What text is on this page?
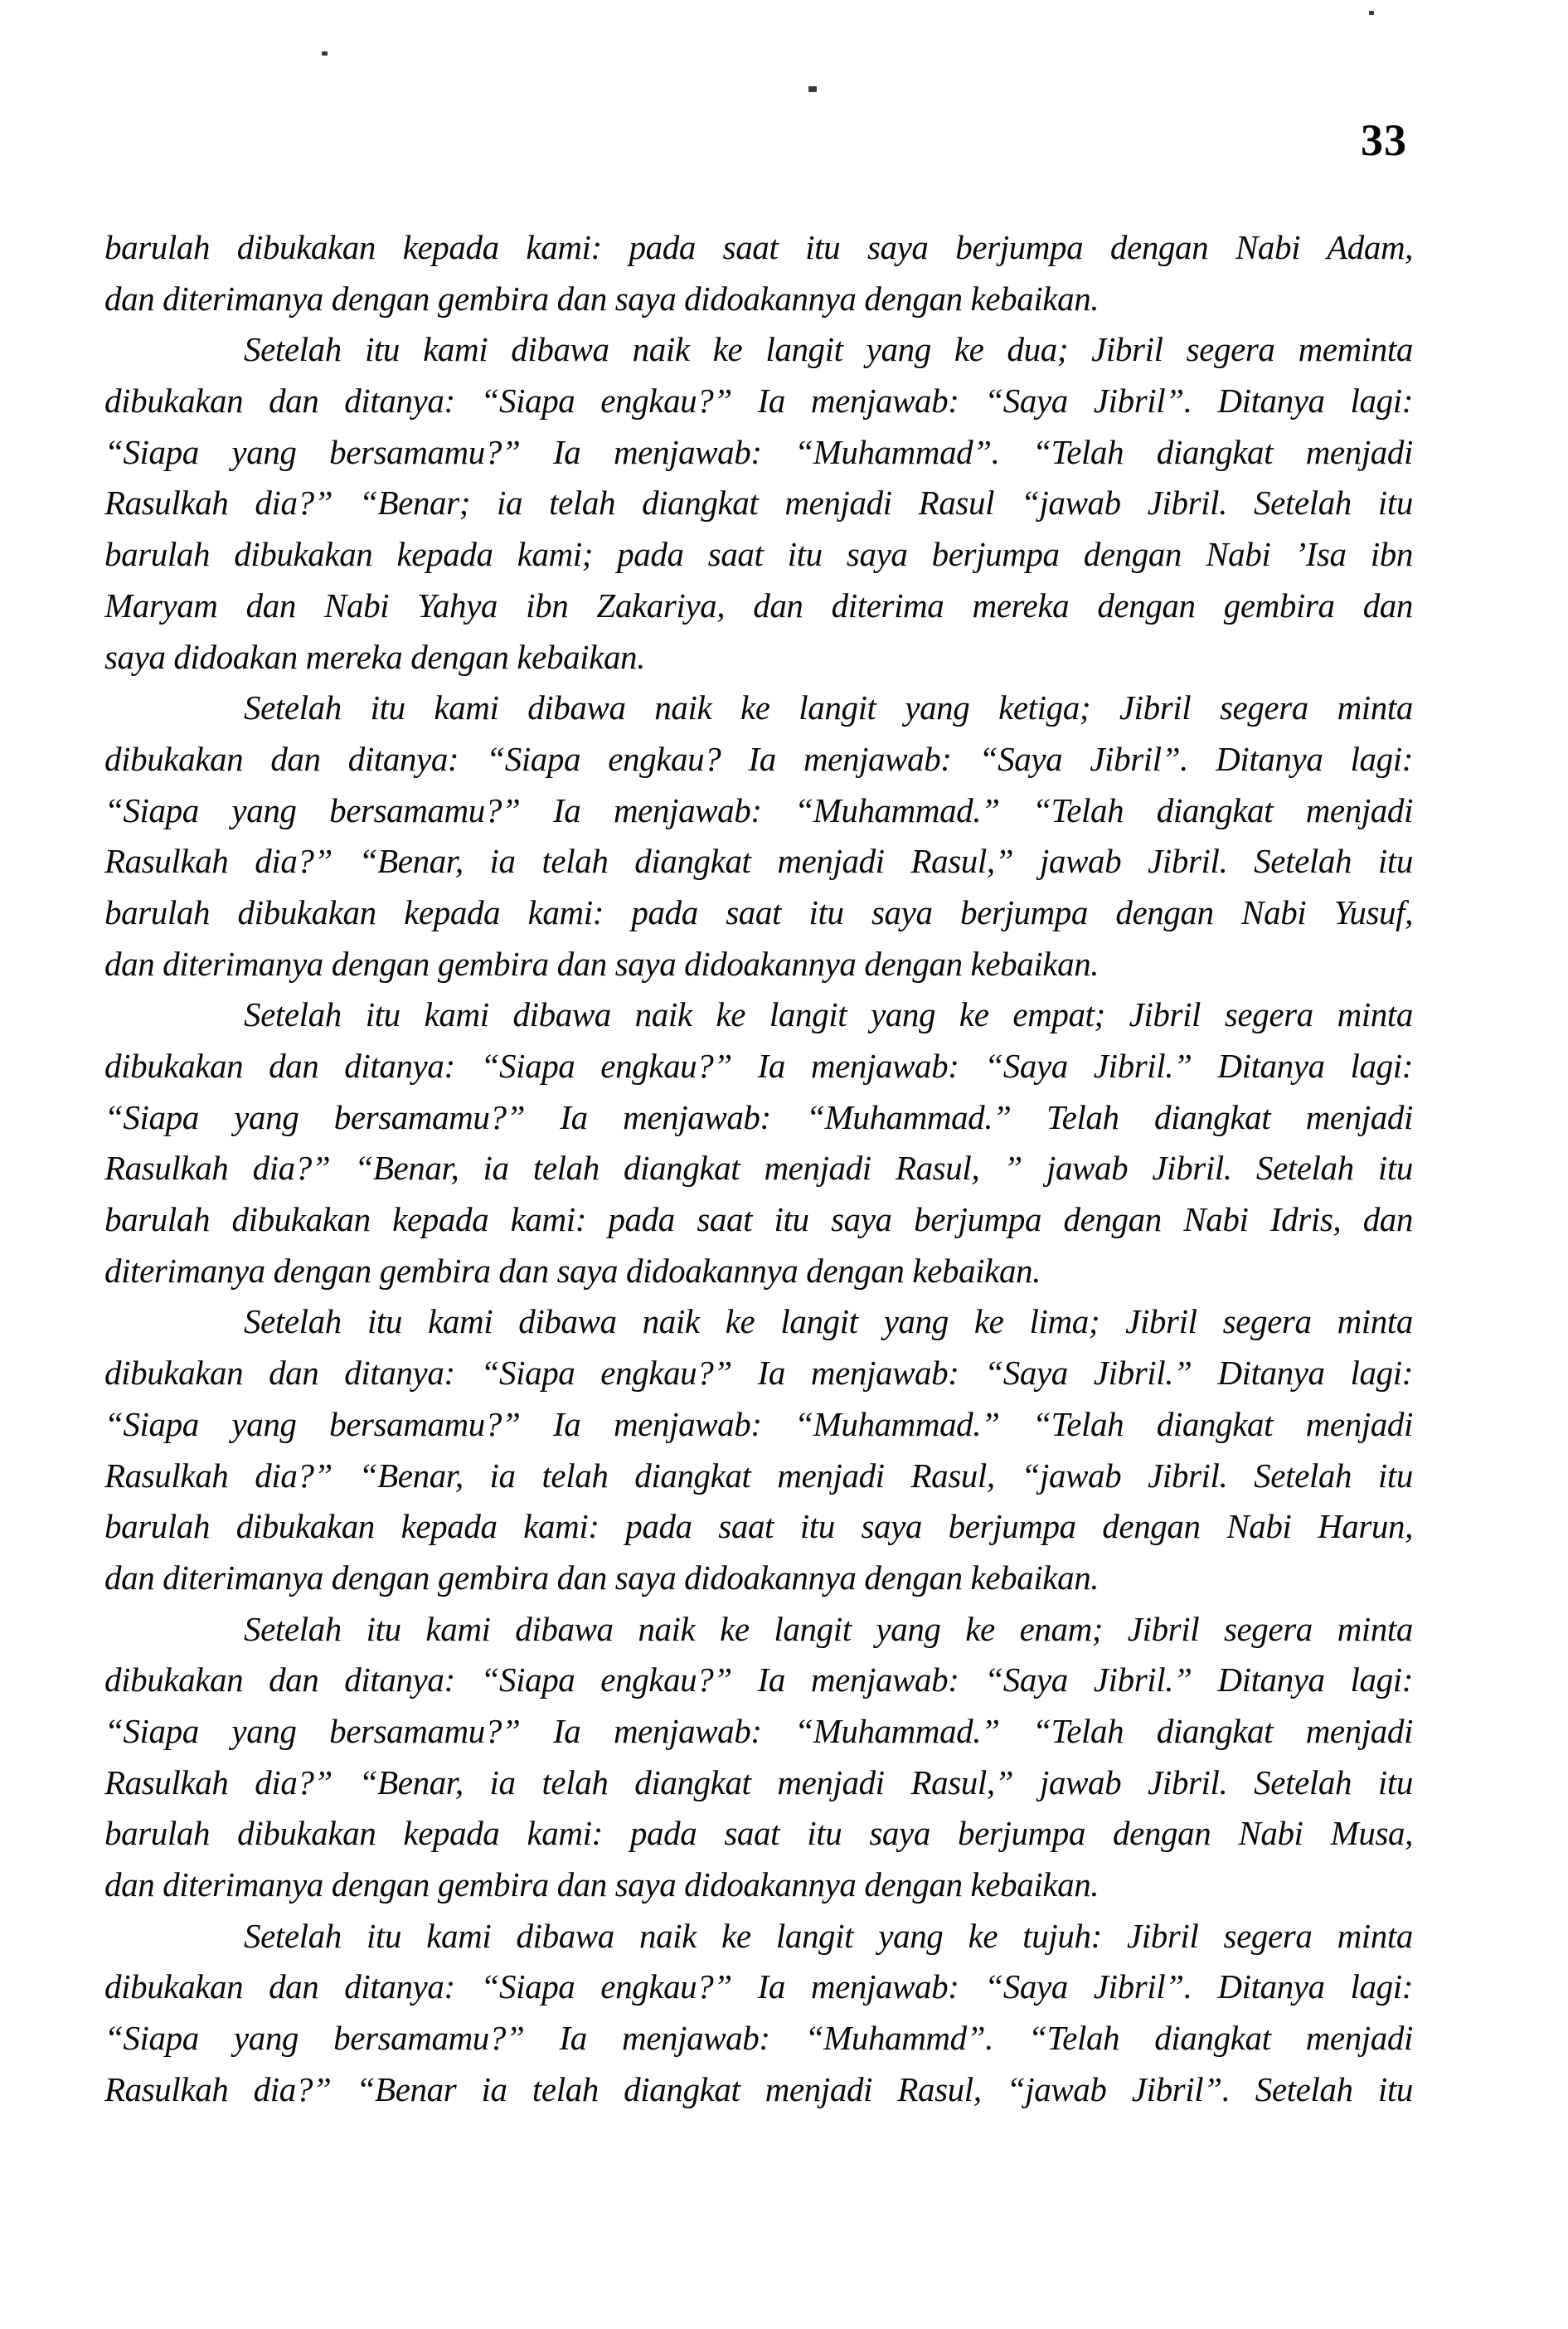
33
barulah dibukakan kepada kami: pada saat itu saya berjumpa dengan Nabi Adam,
dan diterimanya dengan gembira dan saya didoakannya dengan kebaikan.
Setelah itu kami dibawa naik ke langit yang ke dua; Jibril segera meminta
dibukakan dan ditanya: “Siapa engkau?” Ia menjawab: “Saya Jibril”. Ditanya lagi:
“Siapa yang bersamamu?” Ia menjawab: “Muhammad”. “Telah diangkat menjadi
Rasulkah dia?” “Benar; ia telah diangkat menjadi Rasul “jawab Jibril. Setelah itu
barulah dibukakan kepada kami; pada saat itu saya berjumpa dengan Nabi ’Isa ibn
Maryam dan Nabi Yahya ibn Zakariya, dan diterima mereka dengan gembira dan
saya didoakan mereka dengan kebaikan.
Setelah itu kami dibawa naik ke langit yang ketiga; Jibril segera minta
dibukakan dan ditanya: “Siapa engkau? Ia menjawab: “Saya Jibril”. Ditanya lagi:
“Siapa yang bersamamu?” Ia menjawab: “Muhammad.” “Telah diangkat menjadi
Rasulkah dia?” “Benar, ia telah diangkat menjadi Rasul,” jawab Jibril. Setelah itu
barulah dibukakan kepada kami: pada saat itu saya berjumpa dengan Nabi Yusuf,
dan diterimanya dengan gembira dan saya didoakannya dengan kebaikan.
Setelah itu kami dibawa naik ke langit yang ke empat; Jibril segera minta
dibukakan dan ditanya: “Siapa engkau?” Ia menjawab: “Saya Jibril.” Ditanya lagi:
“Siapa yang bersamamu?” Ia menjawab: “Muhammad.” Telah diangkat menjadi
Rasulkah dia?” “Benar, ia telah diangkat menjadi Rasul, ” jawab Jibril. Setelah itu
barulah dibukakan kepada kami: pada saat itu saya berjumpa dengan Nabi Idris, dan
diterimanya dengan gembira dan saya didoakannya dengan kebaikan.
Setelah itu kami dibawa naik ke langit yang ke lima; Jibril segera minta
dibukakan dan ditanya: “Siapa engkau?” Ia menjawab: “Saya Jibril.” Ditanya lagi:
“Siapa yang bersamamu?” Ia menjawab: “Muhammad.” “Telah diangkat menjadi
Rasulkah dia?” “Benar, ia telah diangkat menjadi Rasul, “jawab Jibril. Setelah itu
barulah dibukakan kepada kami: pada saat itu saya berjumpa dengan Nabi Harun,
dan diterimanya dengan gembira dan saya didoakannya dengan kebaikan.
Setelah itu kami dibawa naik ke langit yang ke enam; Jibril segera minta
dibukakan dan ditanya: “Siapa engkau?” Ia menjawab: “Saya Jibril.” Ditanya lagi:
“Siapa yang bersamamu?” Ia menjawab: “Muhammad.” “Telah diangkat menjadi
Rasulkah dia?” “Benar, ia telah diangkat menjadi Rasul,” jawab Jibril. Setelah itu
barulah dibukakan kepada kami: pada saat itu saya berjumpa dengan Nabi Musa,
dan diterimanya dengan gembira dan saya didoakannya dengan kebaikan.
Setelah itu kami dibawa naik ke langit yang ke tujuh: Jibril segera minta
dibukakan dan ditanya: “Siapa engkau?” Ia menjawab: “Saya Jibril”. Ditanya lagi:
“Siapa yang bersamamu?” Ia menjawab: “Muhammd”. “Telah diangkat menjadi
Rasulkah dia?” “Benar ia telah diangkat menjadi Rasul, “jawab Jibril”. Setelah itu
